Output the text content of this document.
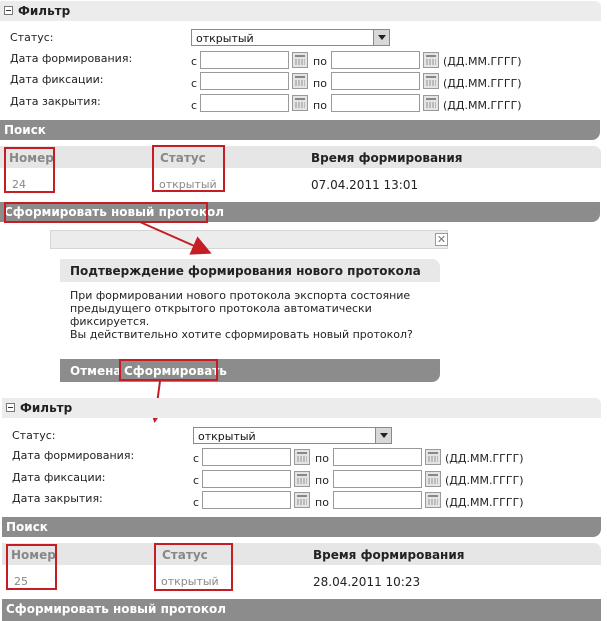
Фильтр
Статус:	открытый
Дата формирования:	с	по	(ДД.ММ.ГГГГ)
Дата фиксации:	с	по	(ДД.ММ.ГГГГ)
Дата закрытия:	с	по	(ДД.ММ.ГГГГ)
Поиск
Номер	Статус	Время формирования
24	открытый	07.04.2011 13:01
Сформировать новый протокол
✕
Подтверждение формирования нового протокола
При формировании нового протокола экспорта состояние
предыдущего открытого протокола автоматически
фиксируется.
Вы действительно хотите сформировать новый протокол?
Отмена Сформировать
Фильтр
Статус:	открытый
Дата формирования:	с	по	(ДД.ММ.ГГГГ)
Дата фиксации:	с	по	(ДД.ММ.ГГГГ)
Дата закрытия:	с	по	(ДД.ММ.ГГГГ)
Поиск
Номер	Статус	Время формирования
25	открытый	28.04.2011 10:23
Сформировать новый протокол
